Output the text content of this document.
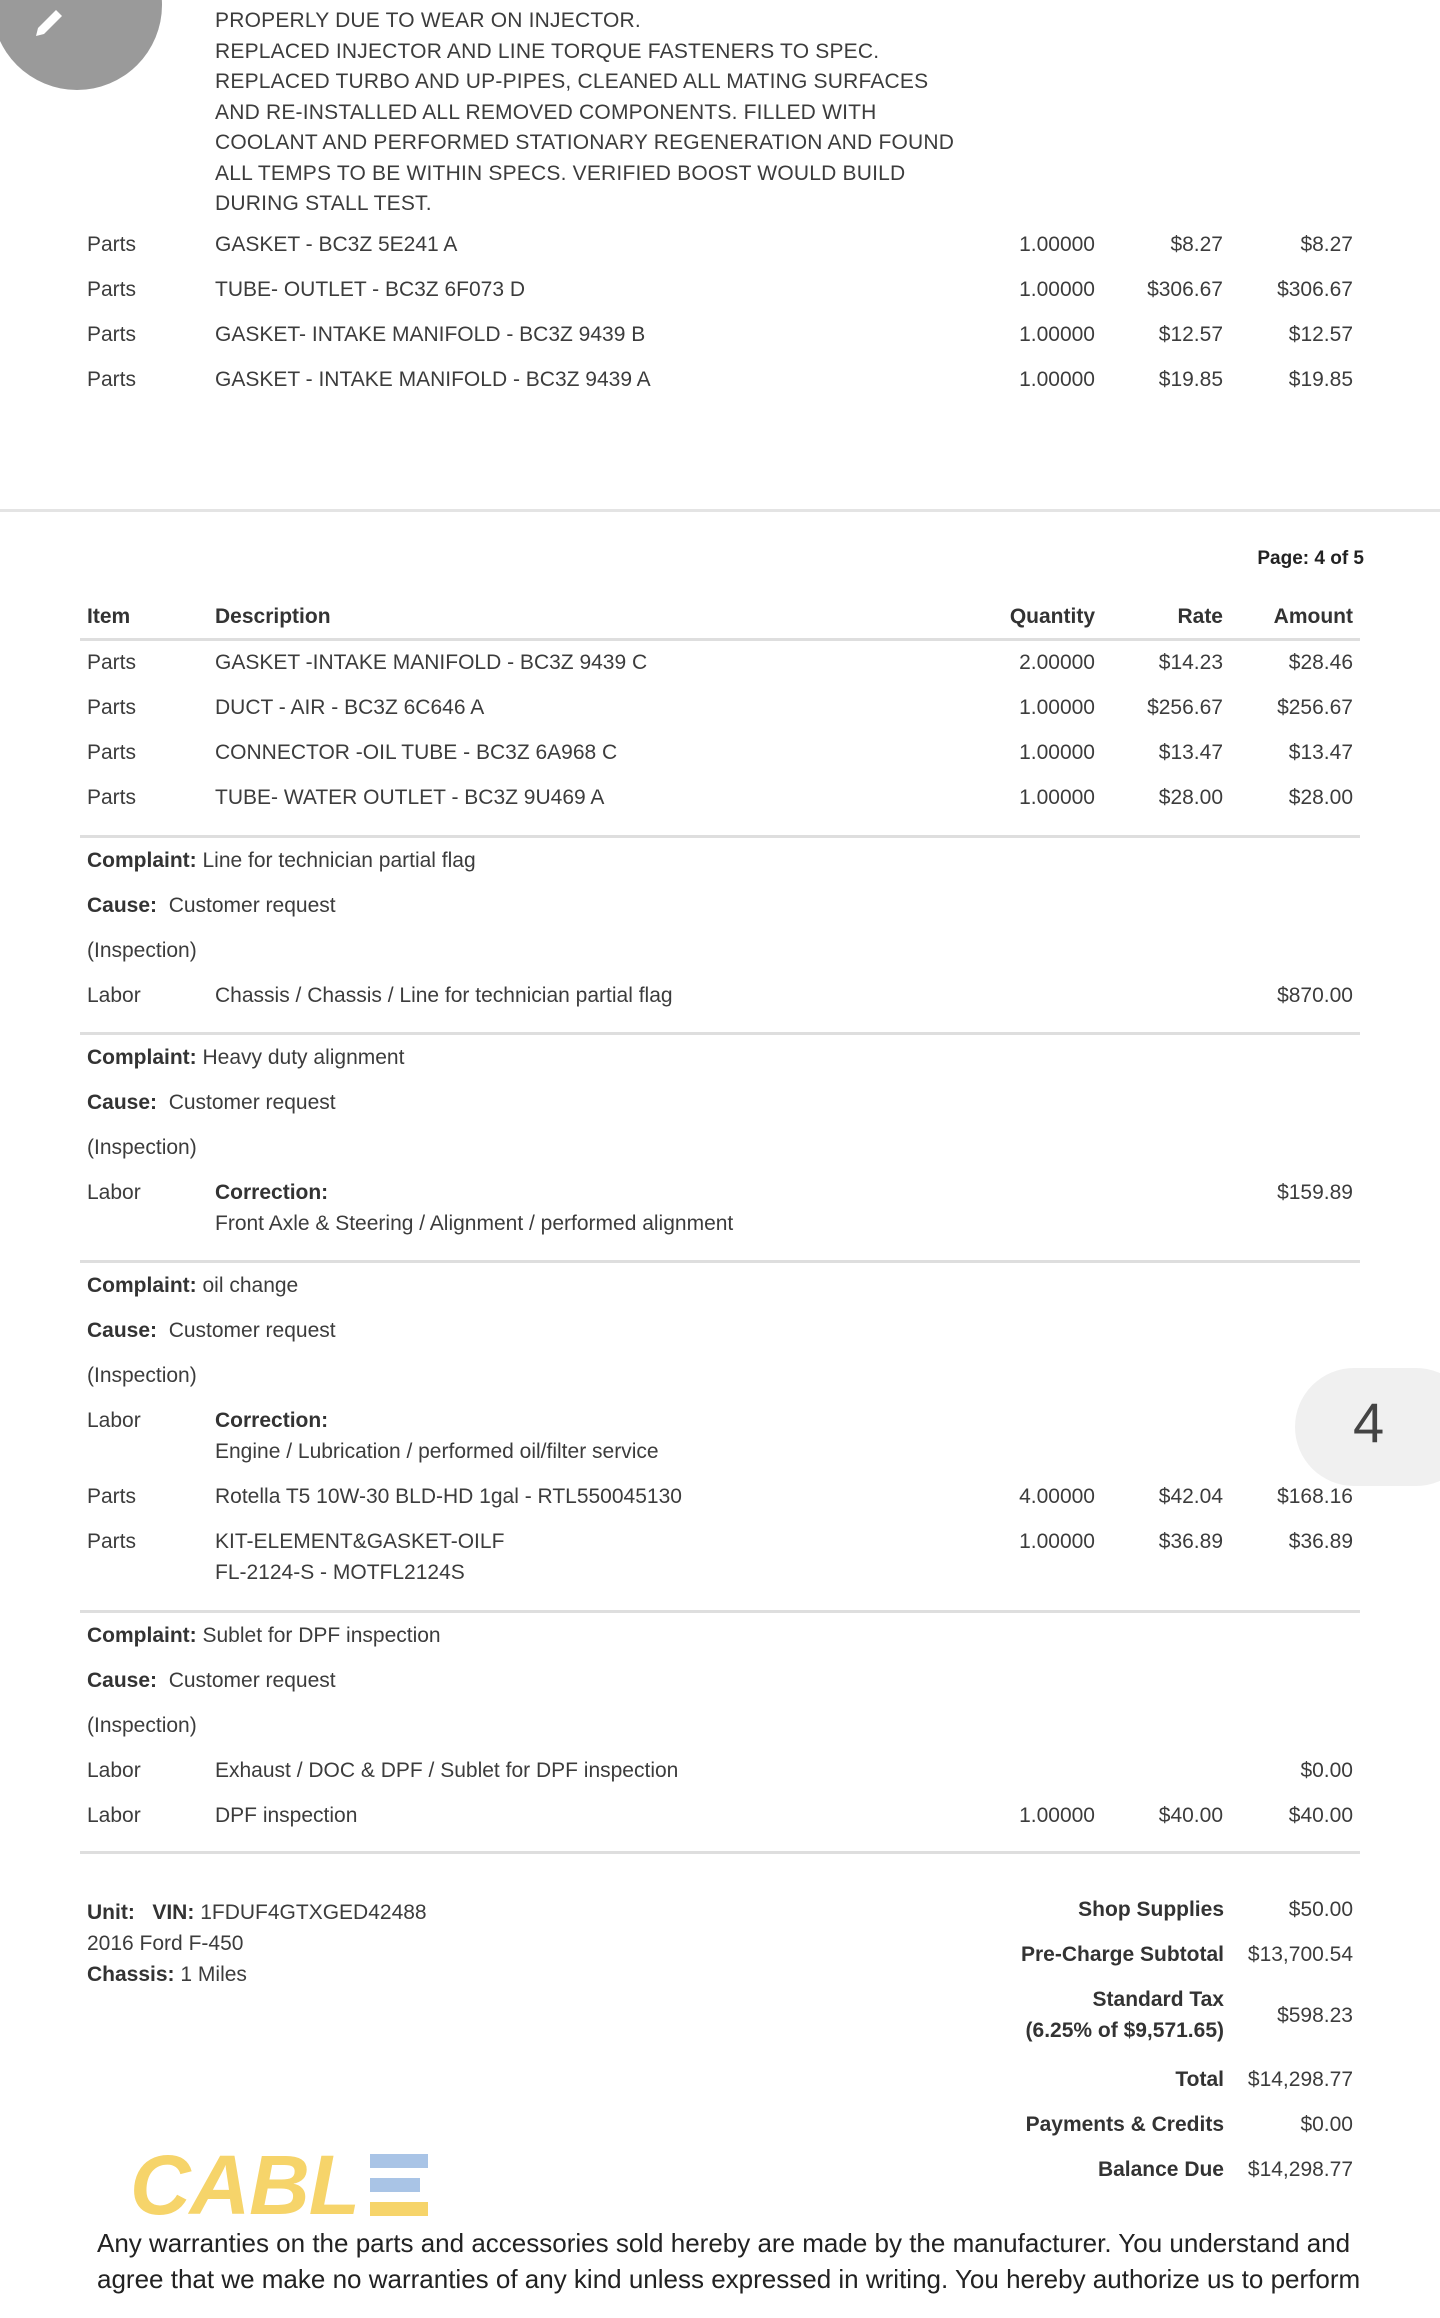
PROPERLY DUE TO WEAR ON INJECTOR.
REPLACED INJECTOR AND LINE TORQUE FASTENERS TO SPEC.
REPLACED TURBO AND UP-PIPES, CLEANED ALL MATING SURFACES
AND RE-INSTALLED ALL REMOVED COMPONENTS. FILLED WITH
COOLANT AND PERFORMED STATIONARY REGENERATION AND FOUND
ALL TEMPS TO BE WITHIN SPECS. VERIFIED BOOST WOULD BUILD
DURING STALL TEST.
Parts	GASKET - BC3Z 5E241 A	1.00000	$8.27	$8.27
Parts	TUBE- OUTLET - BC3Z 6F073 D	1.00000 $306.67	$306.67
Parts	GASKET- INTAKE MANIFOLD - BC3Z 9439 B	1.00000	$12.57	$12.57
Parts	GASKET - INTAKE MANIFOLD - BC3Z 9439 A	1.00000	$19.85	$19.85
Page: 4 of 5
Item	Description	Quantity	Rate Amount
Parts	GASKET -INTAKE MANIFOLD - BC3Z 9439 C	2.00000	$14.23	$28.46
Parts	DUCT - AIR - BC3Z 6C646 A	1.00000 $256.67	$256.67
Parts	CONNECTOR -OIL TUBE - BC3Z 6A968 C	1.00000	$13.47	$13.47
Parts	TUBE- WATER OUTLET - BC3Z 9U469 A	1.00000	$28.00	$28.00
Complaint: Line for technician partial flag
Cause: Customer request
(Inspection)
Labor	Chassis / Chassis / Line for technician partial flag	$870.00
Complaint: Heavy duty alignment
Cause: Customer request
(Inspection)
Labor	Correction:	$159.89
Front Axle & Steering / Alignment / performed alignment
Complaint: oil change
Cause: Customer request
(Inspection)
Labor	Correction:
Engine / Lubrication / performed oil/filter service
Parts	Rotella T5 10W-30 BLD-HD 1gal - RTL550045130	4.00000	$42.04	$168.16
Parts	KIT-ELEMENT&GASKET-OILF	1.00000	$36.89	$36.89
FL-2124-S - MOTFL2124S
Complaint: Sublet for DPF inspection
Cause: Customer request
(Inspection)
Labor	Exhaust / DOC & DPF / Sublet for DPF inspection	$0.00
Labor	DPF inspection	1.00000	$40.00	$40.00
Unit: VIN: 1FDUF4GTXGED42488
2016 Ford F-450
Chassis: 1 Miles
Shop Supplies	$50.00
Pre-Charge Subtotal $13,700.54
Standard Tax
(6.25% of $9,571.65)
$598.23
Total $14,298.77
Payments & Credits	$0.00
Balance Due $14,298.77
4
CABL
Any warranties on the parts and accessories sold hereby are made by the manufacturer. You understand and agree that we make no warranties of any kind unless expressed in writing. You hereby authorize us to perform
